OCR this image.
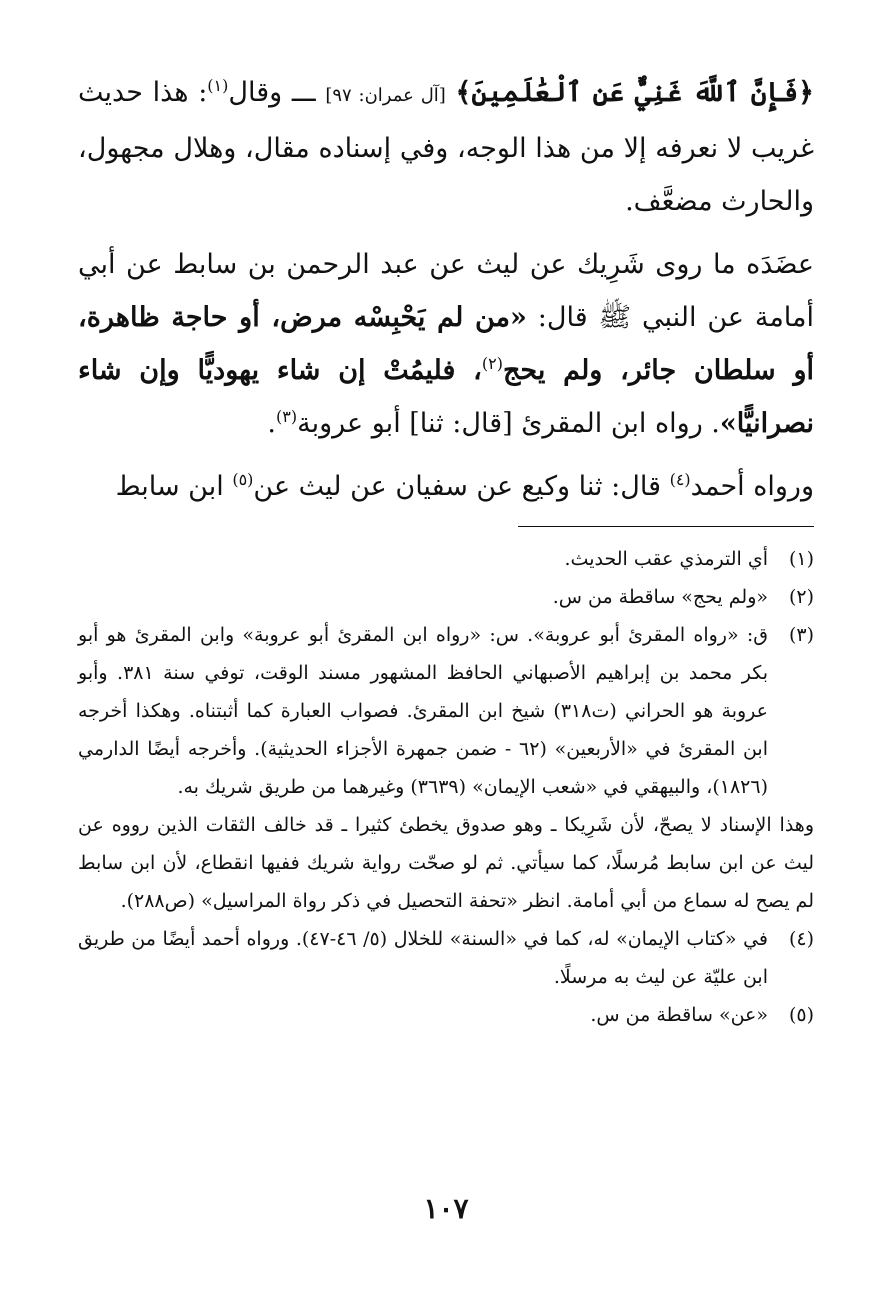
﴿فَإِنَّ ٱللَّهَ غَنِيٌّ عَنِ ٱلْعَٰلَمِينَ﴾ [آل عمران: ٩٧] ـــ وقال$^{(١)}$: هذا حديث غريب لا نعرفه إلا من هذا الوجه، وفي إسناده مقال، وهلال مجهول، والحارث مضعَّف.

عضَدَه ما روى شَرِيك عن ليث عن عبد الرحمن بن سابط عن أبي أمامة عن النبي ﷺ قال: «من لم يَحْبِسْه مرض، أو حاجة ظاهرة، أو سلطان جائر، ولم يحج$^{(٢)}$، فليمُتْ إن شاء يهوديًّا وإن شاء نصرانيًّا». رواه ابن المقرئ [قال: ثنا] أبو عروبة$^{(٣)}$.

ورواه أحمد$^{(٤)}$ قال: ثنا وكيع عن سفيان عن ليث عن$^{(٥)}$ ابن سابط

(١)
أي الترمذي عقب الحديث.
(٢)
«ولم يحج» ساقطة من س.
(٣)
ق: «رواه المقرئ أبو عروبة». س: «رواه ابن المقرئ أبو عروبة» وابن المقرئ هو أبو بكر محمد بن إبراهيم الأصبهاني الحافظ المشهور مسند الوقت، توفي سنة ٣٨١. وأبو عروبة هو الحراني (ت٣١٨) شيخ ابن المقرئ. فصواب العبارة كما أثبتناه. وهكذا أخرجه ابن المقرئ في «الأربعين» (٦٢ - ضمن جمهرة الأجزاء الحديثية). وأخرجه أيضًا الدارمي (١٨٢٦)، والبيهقي في «شعب الإيمان» (٣٦٣٩) وغيرهما من طريق شريك به.
وهذا الإسناد لا يصحّ، لأن شَرِيكا ـ وهو صدوق يخطئ كثيرا ـ قد خالف الثقات الذين رووه عن ليث عن ابن سابط مُرسلًا، كما سيأتي. ثم لو صحّت رواية شريك ففيها انقطاع، لأن ابن سابط لم يصح له سماع من أبي أمامة. انظر «تحفة التحصيل في ذكر رواة المراسيل» (ص٢٨٨).
(٤)
في «كتاب الإيمان» له، كما في «السنة» للخلال (٥/ ٤٦-٤٧). ورواه أحمد أيضًا من طريق ابن عليّة عن ليث به مرسلًا.
(٥)
«عن» ساقطة من س.
١٠٧
